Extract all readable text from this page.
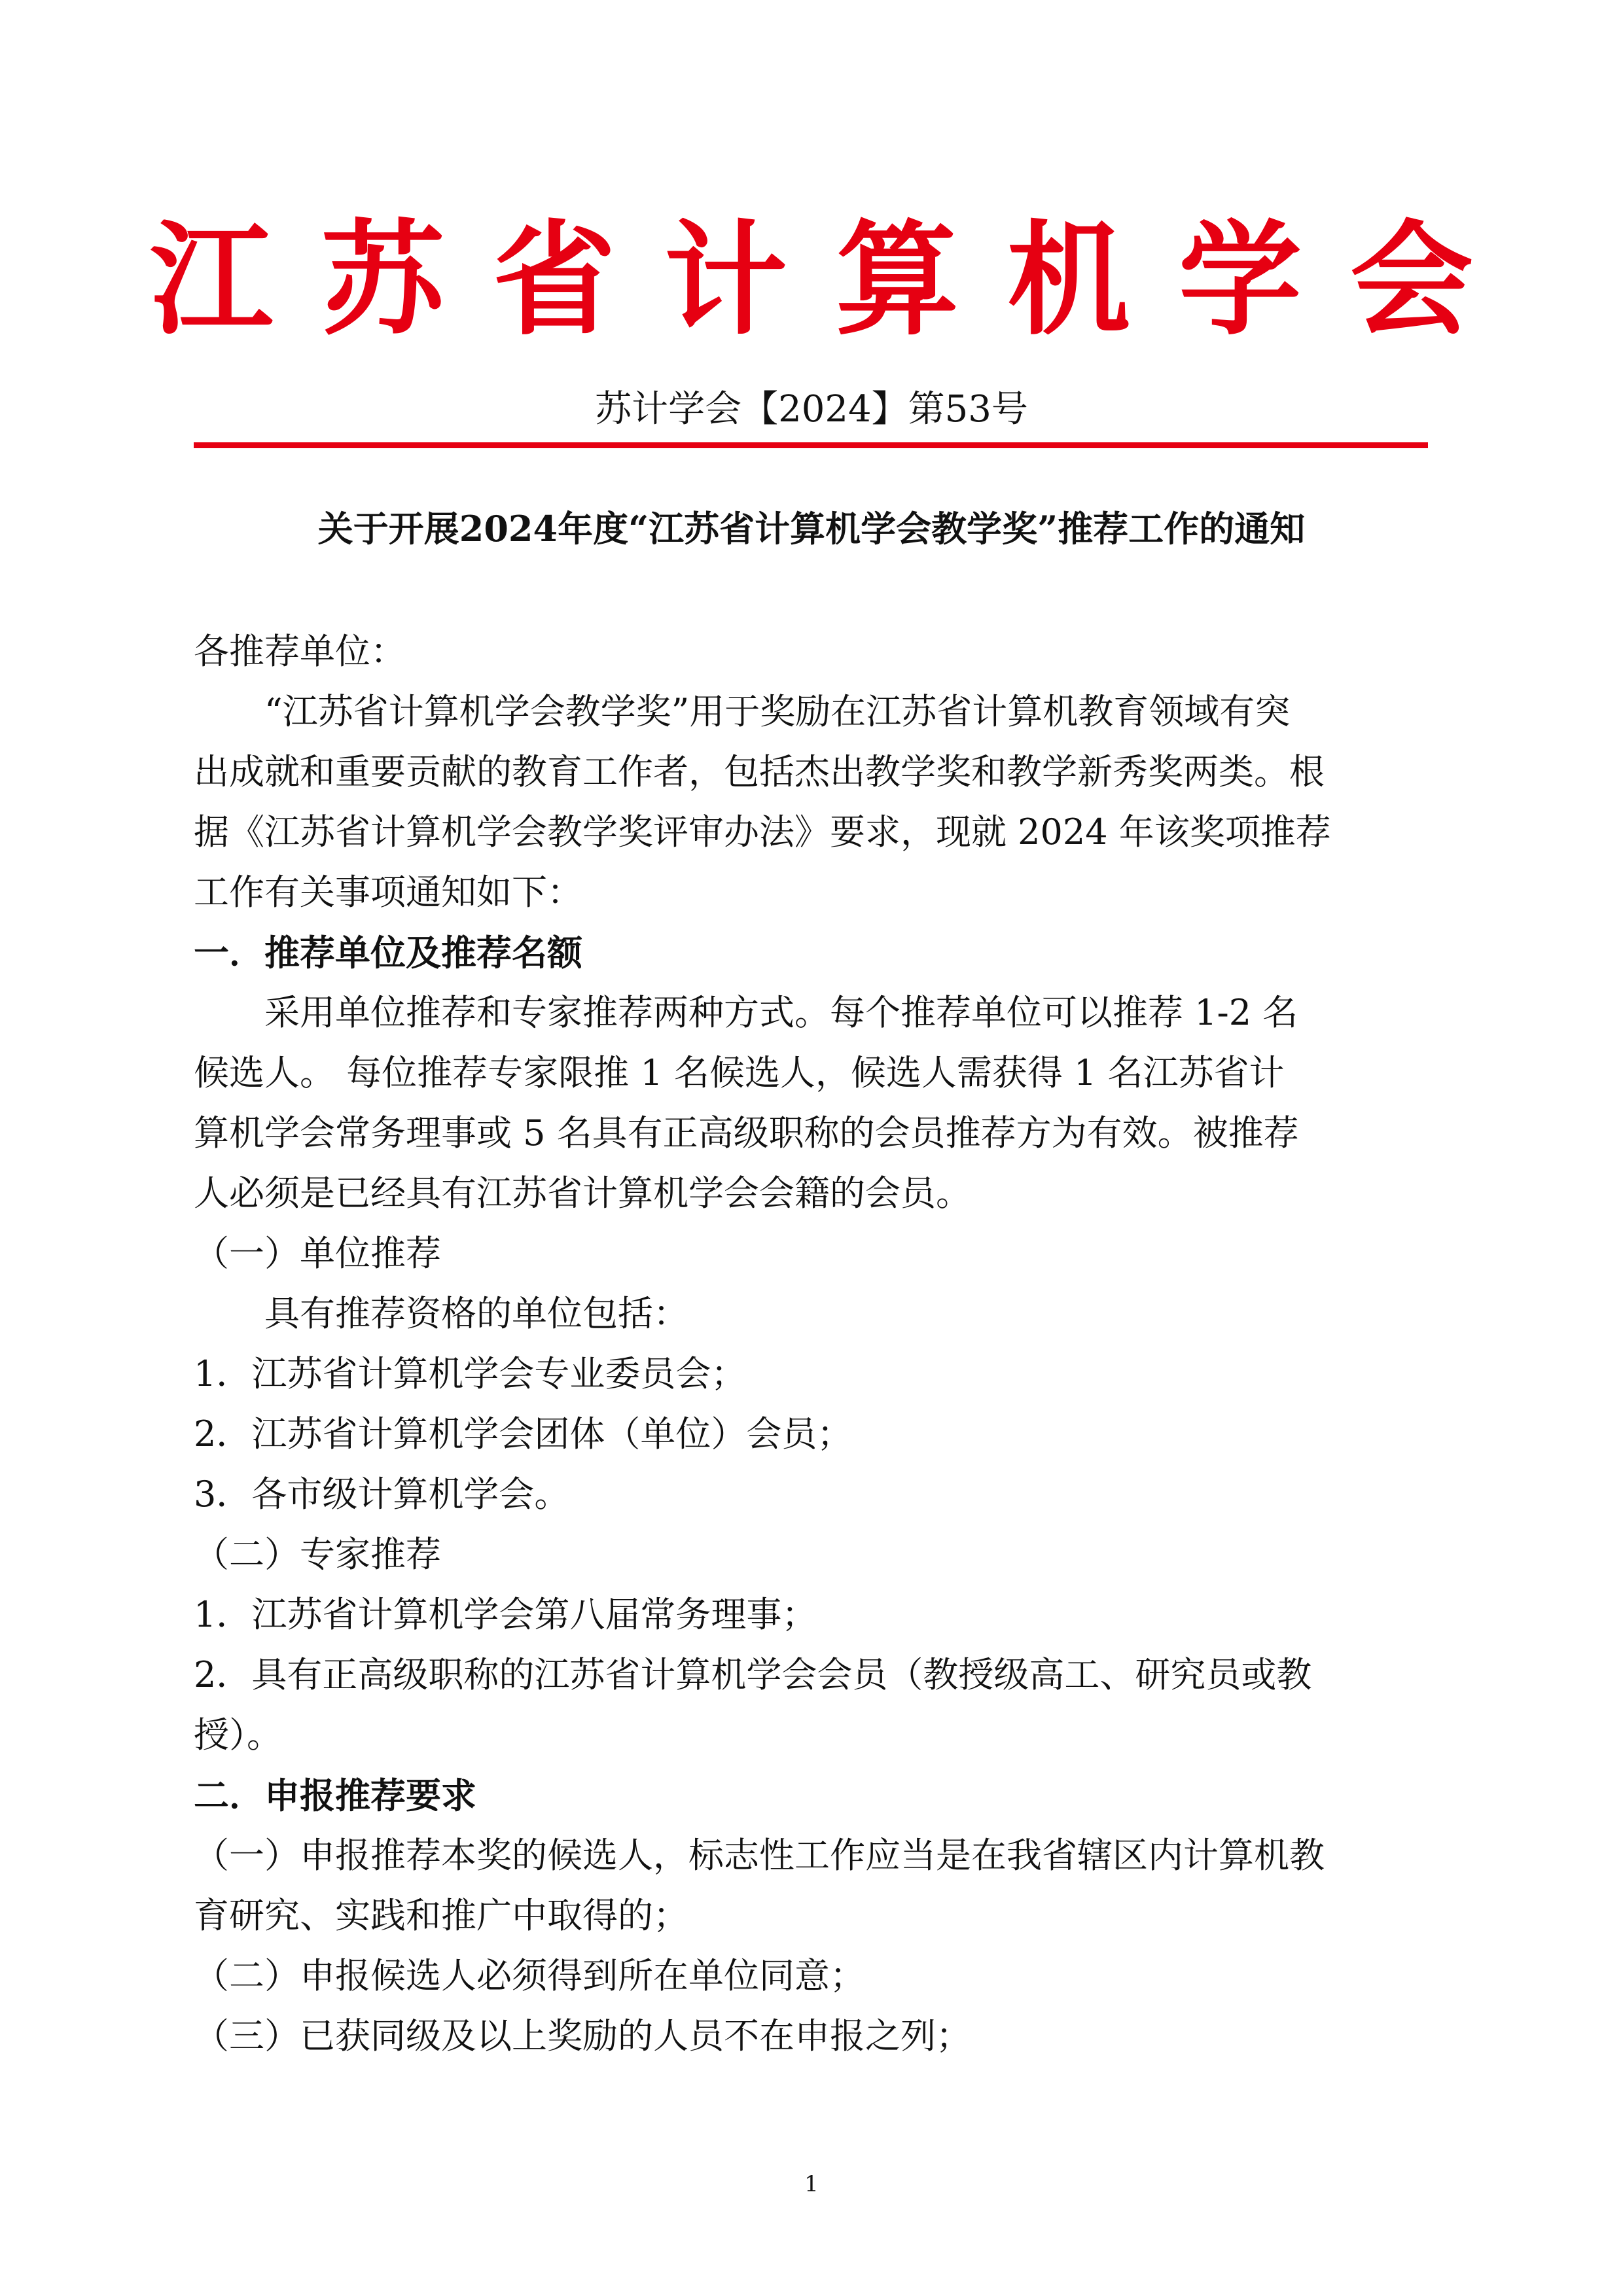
江苏省计算机学会
苏计学会【2024】第53号
关于开展2024年度“江苏省计算机学会教学奖”推荐工作的通知

各推荐单位：

　　“江苏省计算机学会教学奖”用于奖励在江苏省计算机教育领域有突

出成就和重要贡献的教育工作者，包括杰出教学奖和教学新秀奖两类。根

据《江苏省计算机学会教学奖评审办法》要求，现就 2024 年该奖项推荐

工作有关事项通知如下：

一．推荐单位及推荐名额

　　采用单位推荐和专家推荐两种方式。每个推荐单位可以推荐 1-2 名

候选人。 每位推荐专家限推 1 名候选人，候选人需获得 1 名江苏省计

算机学会常务理事或 5 名具有正高级职称的会员推荐方为有效。被推荐

人必须是已经具有江苏省计算机学会会籍的会员。

（一）单位推荐

　　具有推荐资格的单位包括：

1．江苏省计算机学会专业委员会；

2．江苏省计算机学会团体（单位）会员；

3．各市级计算机学会。

（二）专家推荐

1．江苏省计算机学会第八届常务理事；

2．具有正高级职称的江苏省计算机学会会员（教授级高工、研究员或教

授）。

二．申报推荐要求

（一）申报推荐本奖的候选人，标志性工作应当是在我省辖区内计算机教

育研究、实践和推广中取得的；

（二）申报候选人必须得到所在单位同意；

（三）已获同级及以上奖励的人员不在申报之列；

1
